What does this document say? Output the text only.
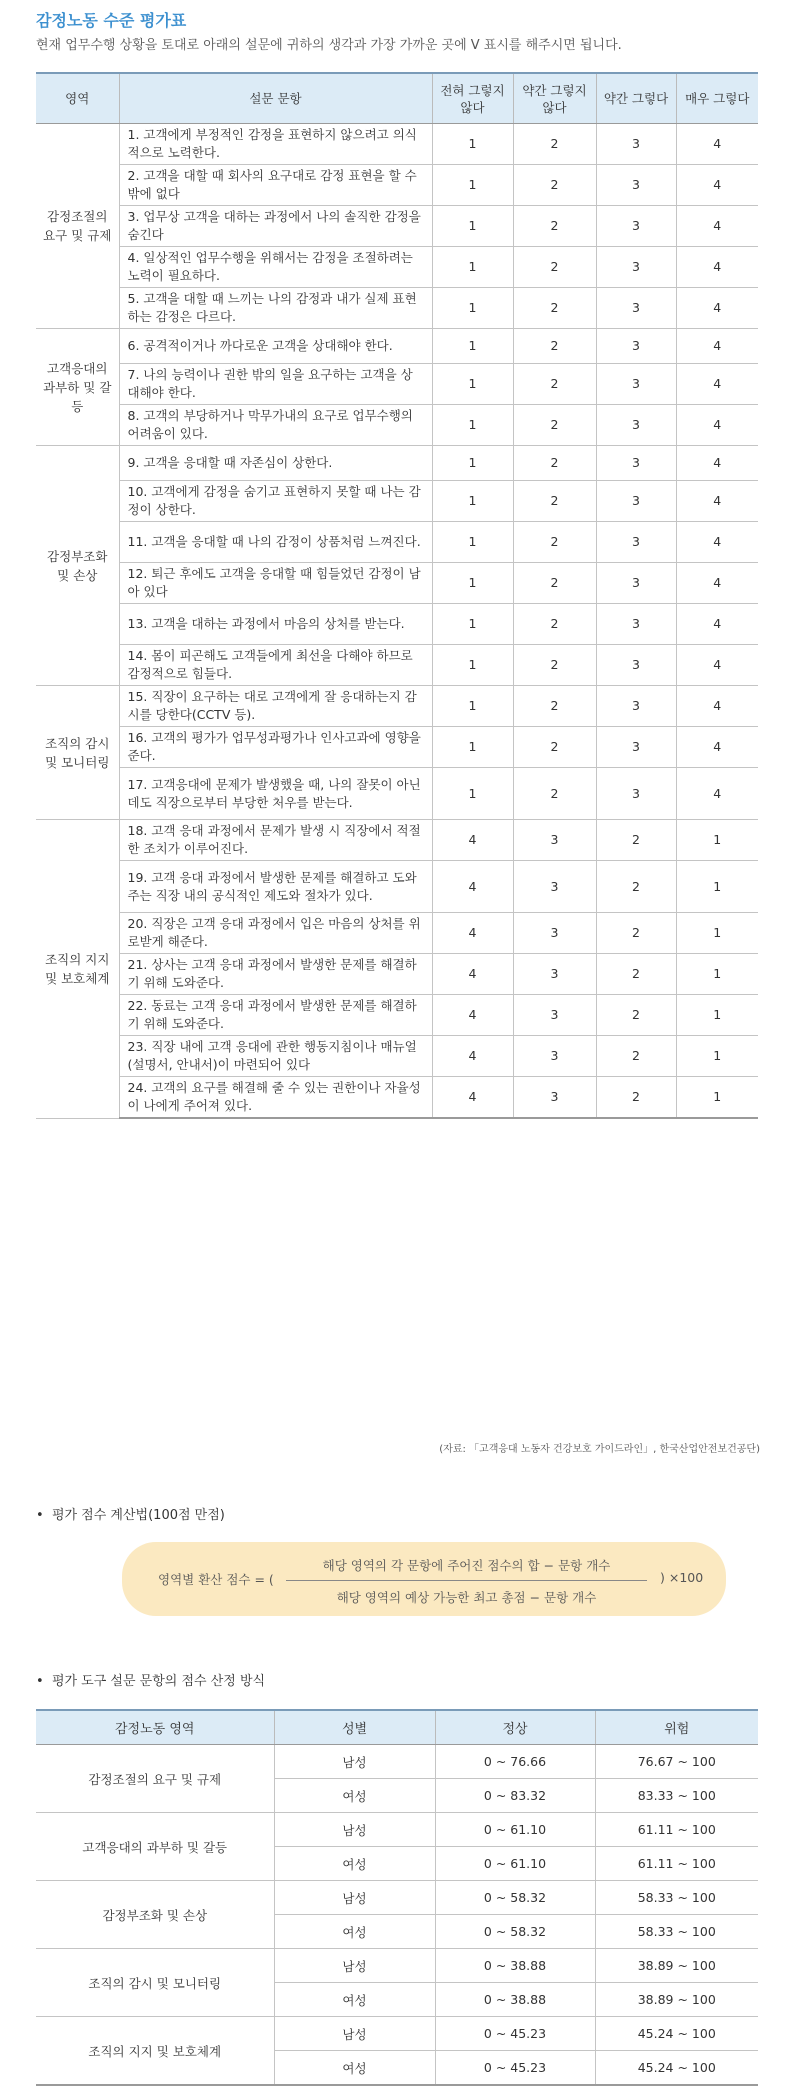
감정노동 수준 평가표
현재 업무수행 상황을 토대로 아래의 설문에 귀하의 생각과 가장 가까운 곳에 V 표시를 해주시면 됩니다.
영역	설문 문항	전혀 그렇지 않다	약간 그렇지 않다	약간 그렇다	매우 그렇다
감정조절의 요구 및 규제	1. 고객에게 부정적인 감정을 표현하지 않으려고 의식적으로 노력한다.	1	2	3	4
	2. 고객을 대할 때 회사의 요구대로 감정 표현을 할 수밖에 없다	1	2	3	4
	3. 업무상 고객을 대하는 과정에서 나의 솔직한 감정을 숨긴다	1	2	3	4
	4. 일상적인 업무수행을 위해서는 감정을 조절하려는 노력이 필요하다.	1	2	3	4
	5. 고객을 대할 때 느끼는 나의 감정과 내가 실제 표현하는 감정은 다르다.	1	2	3	4
고객응대의 과부하 및 갈등	6. 공격적이거나 까다로운 고객을 상대해야 한다.	1	2	3	4
	7. 나의 능력이나 권한 밖의 일을 요구하는 고객을 상대해야 한다.	1	2	3	4
	8. 고객의 부당하거나 막무가내의 요구로 업무수행의 어려움이 있다.	1	2	3	4
감정부조화 및 손상	9. 고객을 응대할 때 자존심이 상한다.	1	2	3	4
	10. 고객에게 감정을 숨기고 표현하지 못할 때 나는 감정이 상한다.	1	2	3	4
	11. 고객을 응대할 때 나의 감정이 상품처럼 느껴진다.	1	2	3	4
	12. 퇴근 후에도 고객을 응대할 때 힘들었던 감정이 남아 있다	1	2	3	4
	13. 고객을 대하는 과정에서 마음의 상처를 받는다.	1	2	3	4
	14. 몸이 피곤해도 고객들에게 최선을 다해야 하므로 감정적으로 힘들다.	1	2	3	4
조직의 감시 및 모니터링	15. 직장이 요구하는 대로 고객에게 잘 응대하는지 감시를 당한다(CCTV 등).	1	2	3	4
	16. 고객의 평가가 업무성과평가나 인사고과에 영향을 준다.	1	2	3	4
	17. 고객응대에 문제가 발생했을 때, 나의 잘못이 아닌데도 직장으로부터 부당한 처우를 받는다.	1	2	3	4
조직의 지지 및 보호체계	18. 고객 응대 과정에서 문제가 발생 시 직장에서 적절한 조치가 이루어진다.	4	3	2	1
	19. 고객 응대 과정에서 발생한 문제를 해결하고 도와주는 직장 내의 공식적인 제도와 절차가 있다.	4	3	2	1
	20. 직장은 고객 응대 과정에서 입은 마음의 상처를 위로받게 해준다.	4	3	2	1
	21. 상사는 고객 응대 과정에서 발생한 문제를 해결하기 위해 도와준다.	4	3	2	1
	22. 동료는 고객 응대 과정에서 발생한 문제를 해결하기 위해 도와준다.	4	3	2	1
	23. 직장 내에 고객 응대에 관한 행동지침이나 매뉴얼(설명서, 안내서)이 마련되어 있다	4	3	2	1
	24. 고객의 요구를 해결해 줄 수 있는 권한이나 자율성이 나에게 주어져 있다.	4	3	2	1
(자료: 「고객응대 노동자 건강보호 가이드라인」, 한국산업안전보건공단)
•  평가 점수 계산법(100점 만점)
영역별 환산 점수 = (
해당 영역의 각 문항에 주어진 점수의 합 − 문항 개수
해당 영역의 예상 가능한 최고 총점 − 문항 개수
) ×100
•  평가 도구 설문 문항의 점수 산정 방식
감정노동 영역	성별	정상	위험
감정조절의 요구 및 규제	남성	0 ~ 76.66	76.67 ~ 100
	여성	0 ~ 83.32	83.33 ~ 100
고객응대의 과부하 및 갈등	남성	0 ~ 61.10	61.11 ~ 100
	여성	0 ~ 61.10	61.11 ~ 100
감정부조화 및 손상	남성	0 ~ 58.32	58.33 ~ 100
	여성	0 ~ 58.32	58.33 ~ 100
조직의 감시 및 모니터링	남성	0 ~ 38.88	38.89 ~ 100
	여성	0 ~ 38.88	38.89 ~ 100
조직의 지지 및 보호체계	남성	0 ~ 45.23	45.24 ~ 100
	여성	0 ~ 45.23	45.24 ~ 100
